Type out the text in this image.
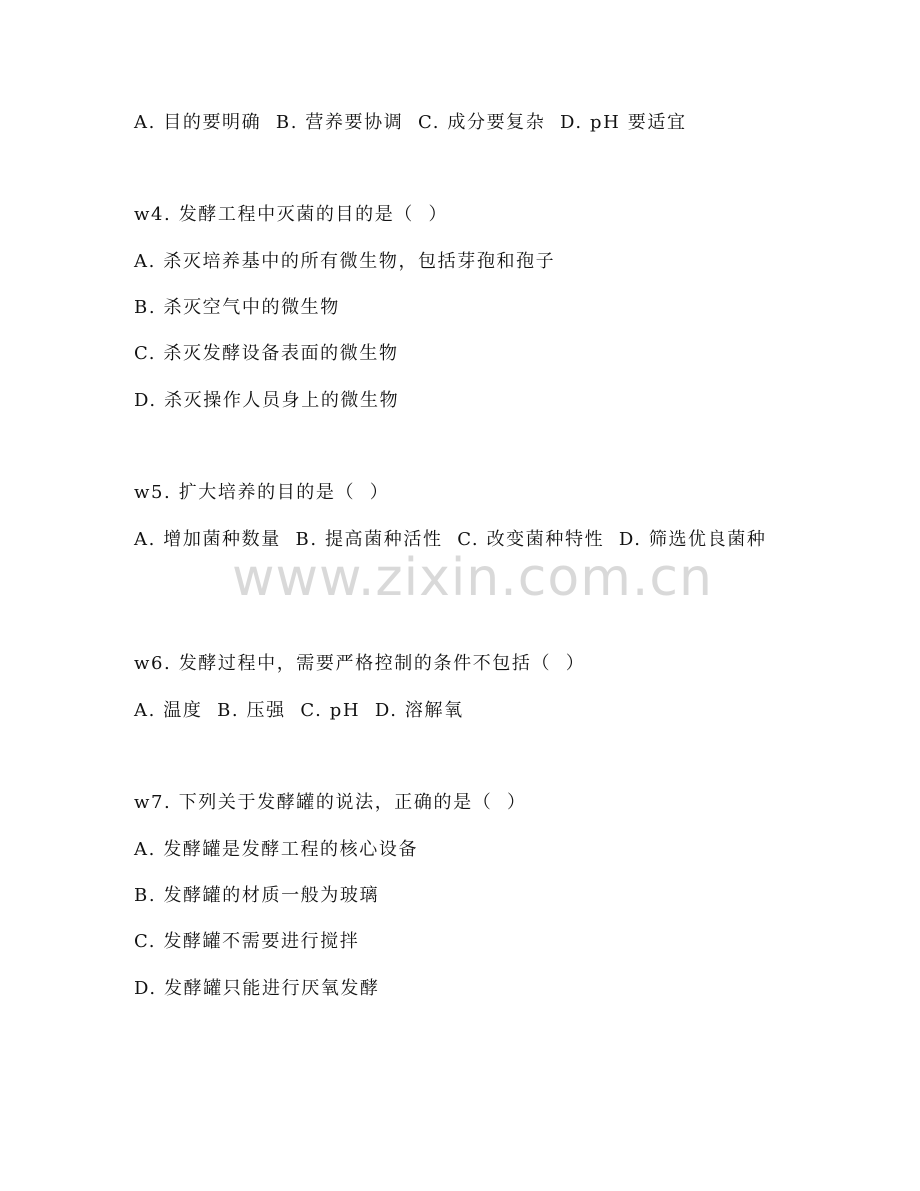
A. 目的要明确  B. 营养要协调  C. 成分要复杂  D. pH 要适宜
w4. 发酵工程中灭菌的目的是（  ）
A. 杀灭培养基中的所有微生物，包括芽孢和孢子
B. 杀灭空气中的微生物
C. 杀灭发酵设备表面的微生物
D. 杀灭操作人员身上的微生物
w5. 扩大培养的目的是（  ）
A. 增加菌种数量  B. 提高菌种活性  C. 改变菌种特性  D. 筛选优良菌种
w6. 发酵过程中，需要严格控制的条件不包括（  ）
A. 温度  B. 压强  C. pH  D. 溶解氧
w7. 下列关于发酵罐的说法，正确的是（  ）
A. 发酵罐是发酵工程的核心设备
B. 发酵罐的材质一般为玻璃
C. 发酵罐不需要进行搅拌
D. 发酵罐只能进行厌氧发酵
www.zixin.com.cn
